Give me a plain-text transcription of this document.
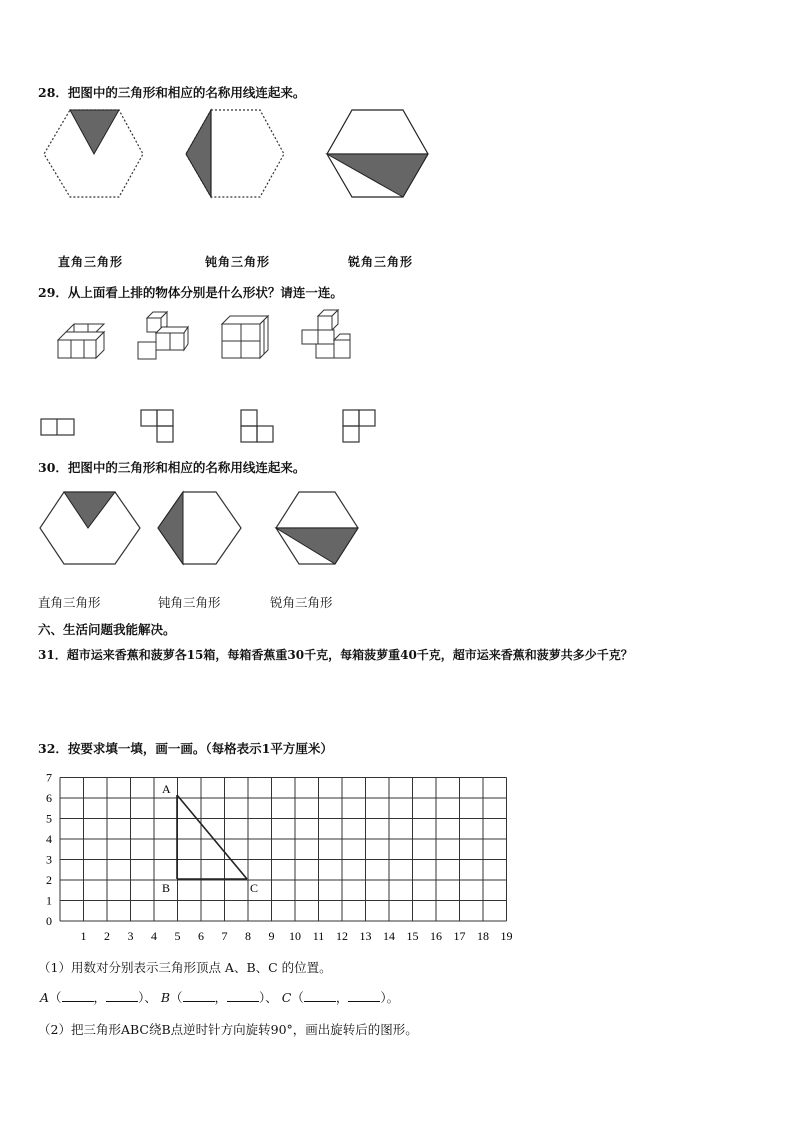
28．把图中的三角形和相应的名称用线连起来。
直角三角形	钝角三角形	锐角三角形
29．从上面看上排的物体分别是什么形状？请连一连。
30．把图中的三角形和相应的名称用线连起来。
直角三角形	钝角三角形	锐角三角形
六、生活问题我能解决。
31．超市运来香蕉和菠萝各15箱，每箱香蕉重30千克，每箱菠萝重40千克，超市运来香蕉和菠萝共多少千克？
32．按要求填一填，画一画。（每格表示1平方厘米）
A
B	C
0
1
2
3
4
5
6
7
1 2 3 4 5 6 7 8 9 10 11 12 13 14 15 16 17 18 19
（1）用数对分别表示三角形顶点 A、B、C 的位置。
A（	，	）、 B（	，	）、 C（	，	）。
（2）把三角形ABC绕B点逆时针方向旋转90°，画出旋转后的图形。
